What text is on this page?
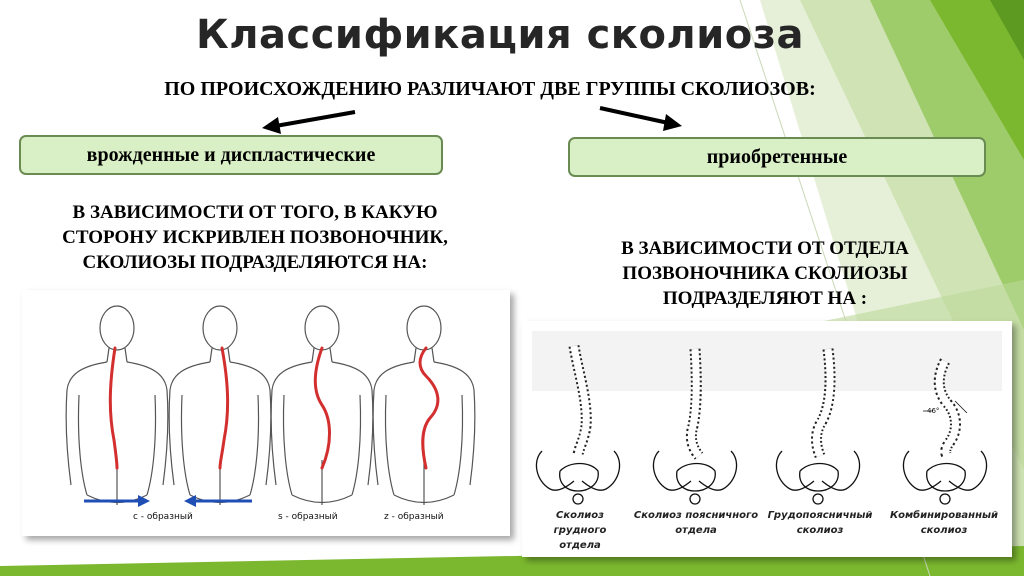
Классификация сколиоза
ПО ПРОИСХОЖДЕНИЮ РАЗЛИЧАЮТ ДВЕ ГРУППЫ СКОЛИОЗОВ:
врожденные и диспластические	приобретенные
В ЗАВИСИМОСТИ ОТ ТОГО, В КАКУЮ
СТОРОНУ ИСКРИВЛЕН ПОЗВОНОЧНИК,
СКОЛИОЗЫ ПОДРАЗДЕЛЯЮТСЯ НА:
В ЗАВИСИМОСТИ ОТ ОТДЕЛА
ПОЗВОНОЧНИКА СКОЛИОЗЫ
ПОДРАЗДЕЛЯЮТ НА :
c - образный	s - образный	z - образный
46°
Сколиоз грудного
отдела
Сколиоз поясничного
отдела
Грудопоясничный
сколиоз
Комбинированный
сколиоз
